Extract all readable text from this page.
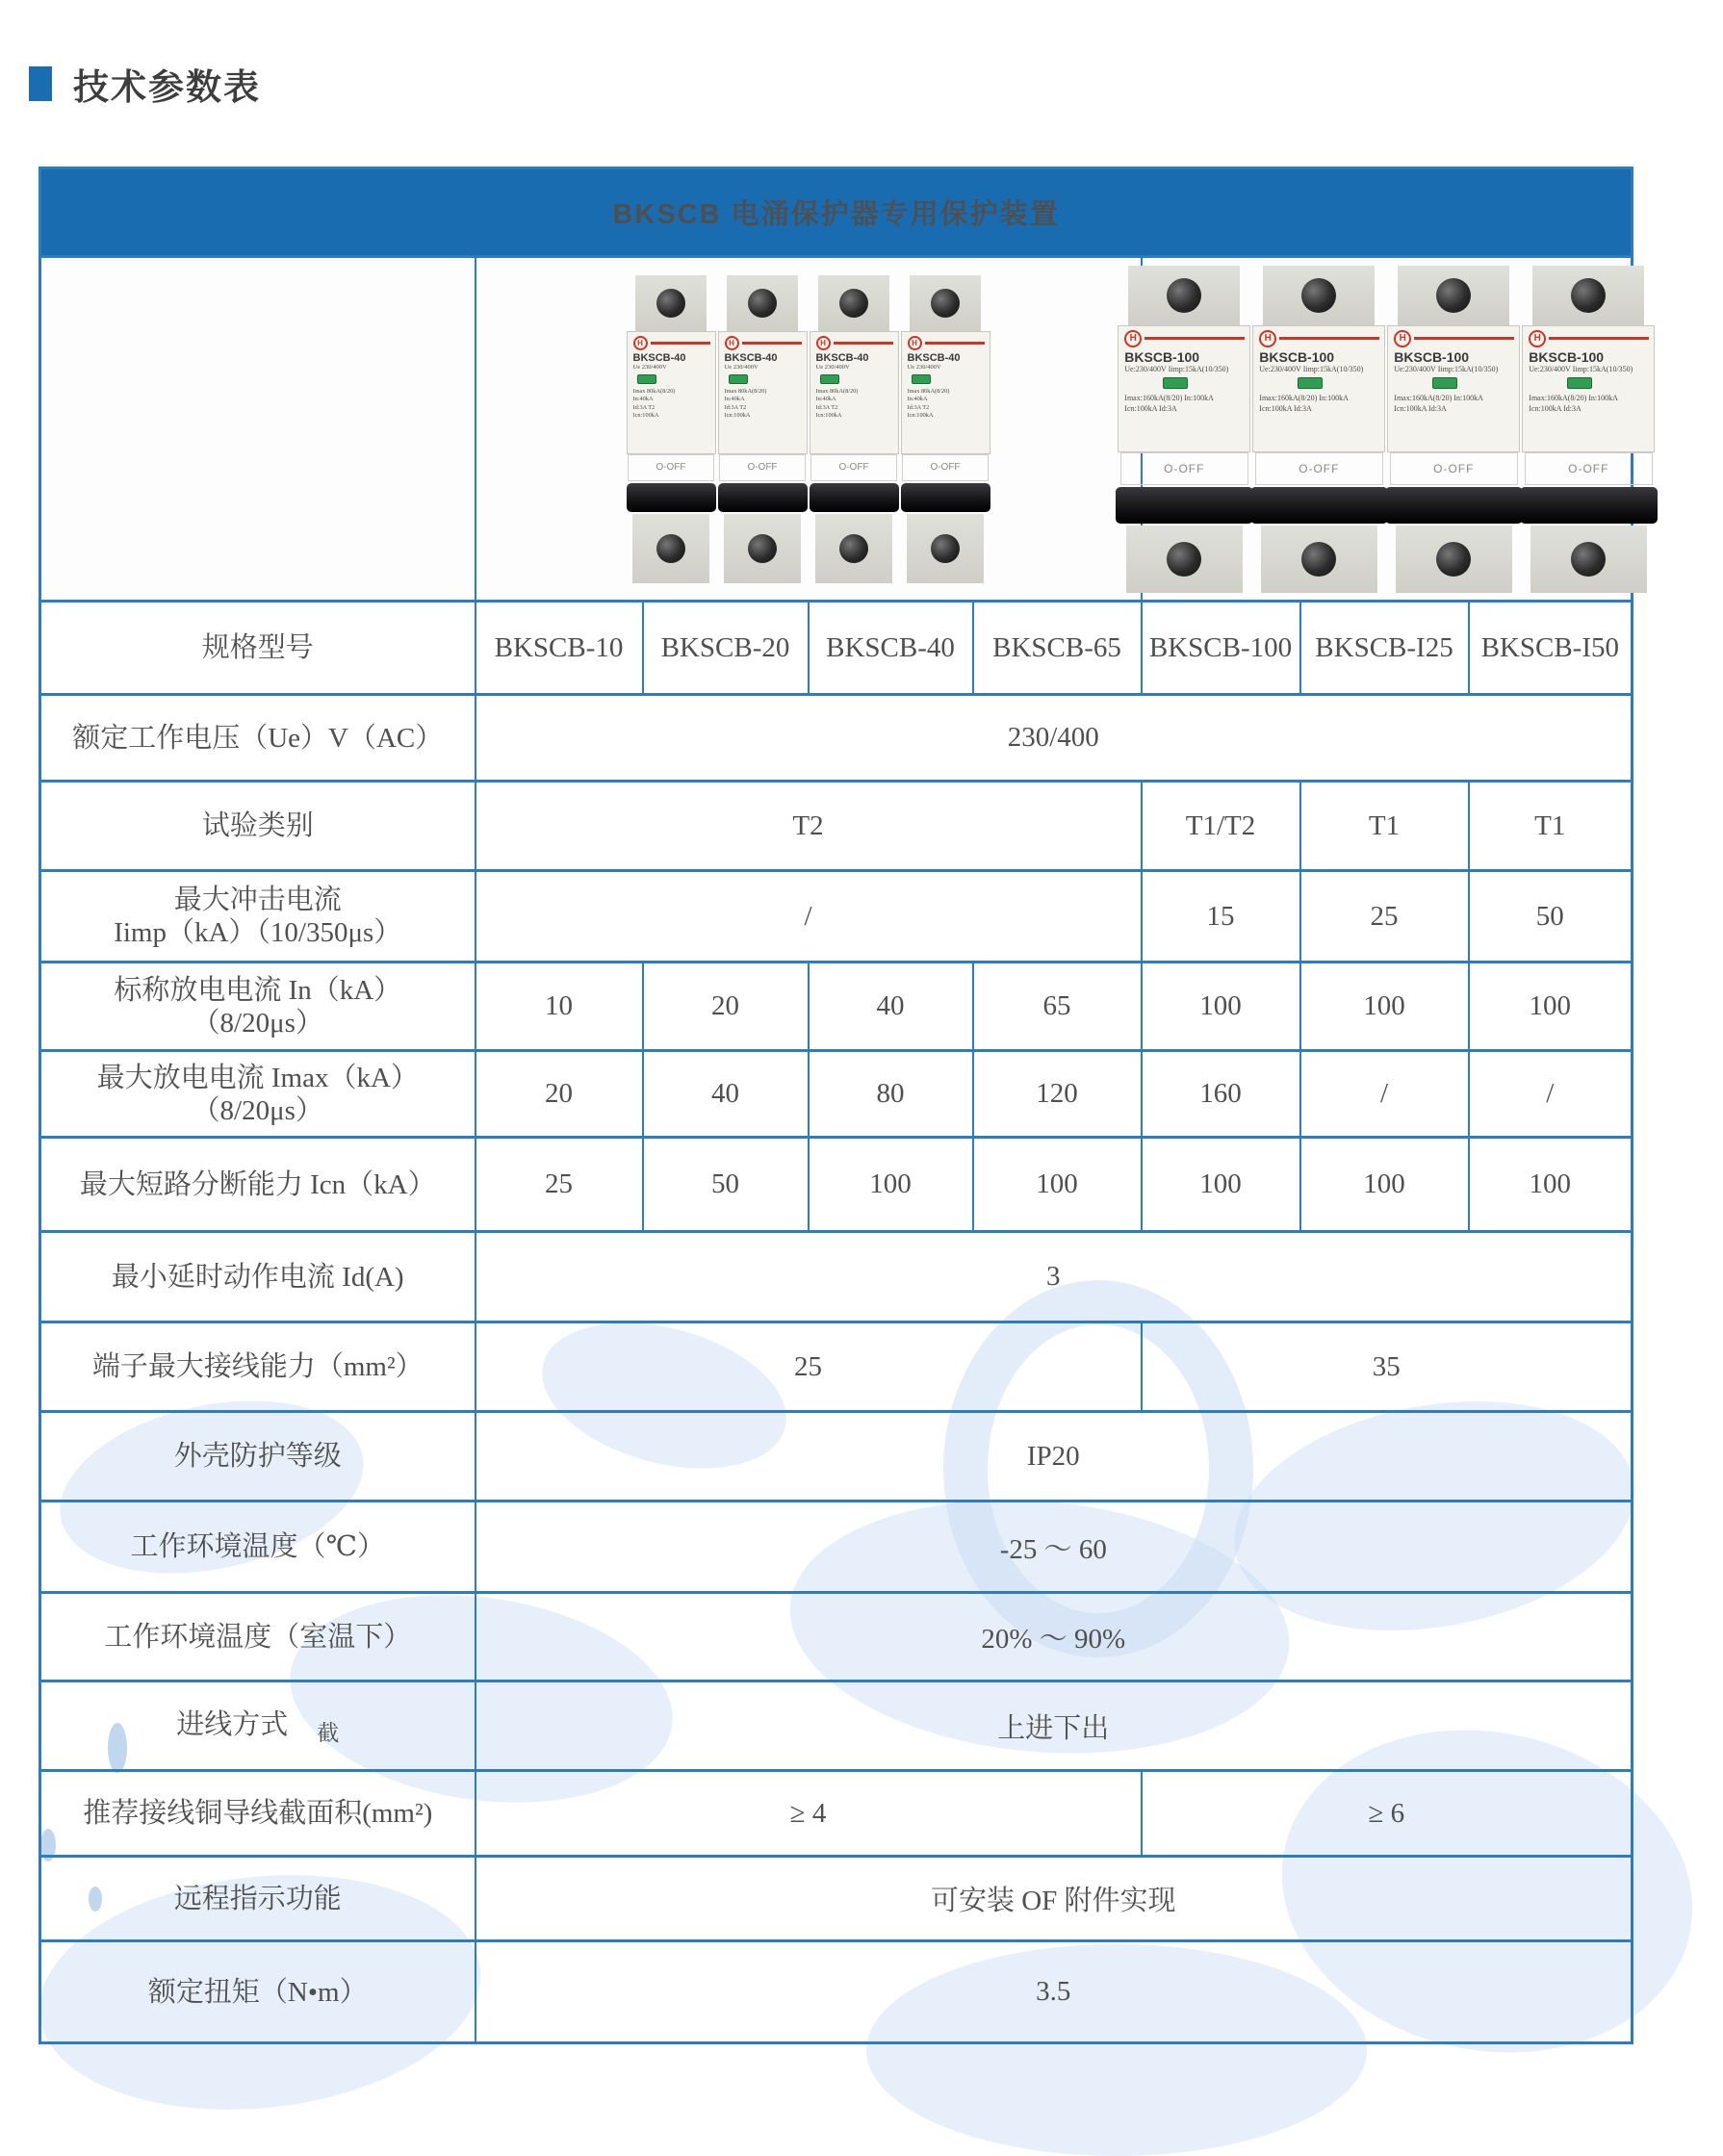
技术参数表
BKSCB 电涌保护器专用保护装置							

H
BKSCB-40
Ue 230/400V
Imax 80kA(8/20)
In:40kA
Id:3A T2
Icn:100kA
O-OFF
H
BKSCB-40
Ue 230/400V
Imax 80kA(8/20)
In:40kA
Id:3A T2
Icn:100kA
O-OFF
H
BKSCB-40
Ue 230/400V
Imax 80kA(8/20)
In:40kA
Id:3A T2
Icn:100kA
O-OFF
H
BKSCB-40
Ue 230/400V
Imax 80kA(8/20)
In:40kA
Id:3A T2
Icn:100kA
O-OFF

H
BKSCB-100
Ue:230/400V Iimp:15kA(10/350)
Imax:160kA(8/20) In:100kA
Icn:100kA Id:3A
O-OFF
H
BKSCB-100
Ue:230/400V Iimp:15kA(10/350)
Imax:160kA(8/20) In:100kA
Icn:100kA Id:3A
O-OFF
H
BKSCB-100
Ue:230/400V Iimp:15kA(10/350)
Imax:160kA(8/20) In:100kA
Icn:100kA Id:3A
O-OFF
H
BKSCB-100
Ue:230/400V Iimp:15kA(10/350)
Imax:160kA(8/20) In:100kA
Icn:100kA Id:3A
O-OFF

规格型号	BKSCB-10	BKSCB-20	BKSCB-40	BKSCB-65	BKSCB-100	BKSCB-I25	BKSCB-I50
额定工作电压（Ue）V（AC）	230/400						
试验类别	T2				T1/T2	T1	T1

最大冲击电流
Iimp（kA）（10/350μs）	/				15	25	50

标称放电电流 In（kA）
（8/20μs）	10	20	40	65	100	100	100

最大放电电流 Imax（kA）
（8/20μs）	20	40	80	120	160	/	/
最大短路分断能力 Icn（kA）	25	50	100	100	100	100	100
最小延时动作电流 Id(A)	3						
端子最大接线能力（mm²）	25				35		
外壳防护等级	IP20						
工作环境温度（℃）	-25 ～ 60						
工作环境温度（室温下）	20% ～ 90%						
进线方式 截	上进下出						
推荐接线铜导线截面积(mm²)	≥ 4				≥ 6		
远程指示功能	可安装 OF 附件实现						
额定扭矩（N•m）	3.5						
